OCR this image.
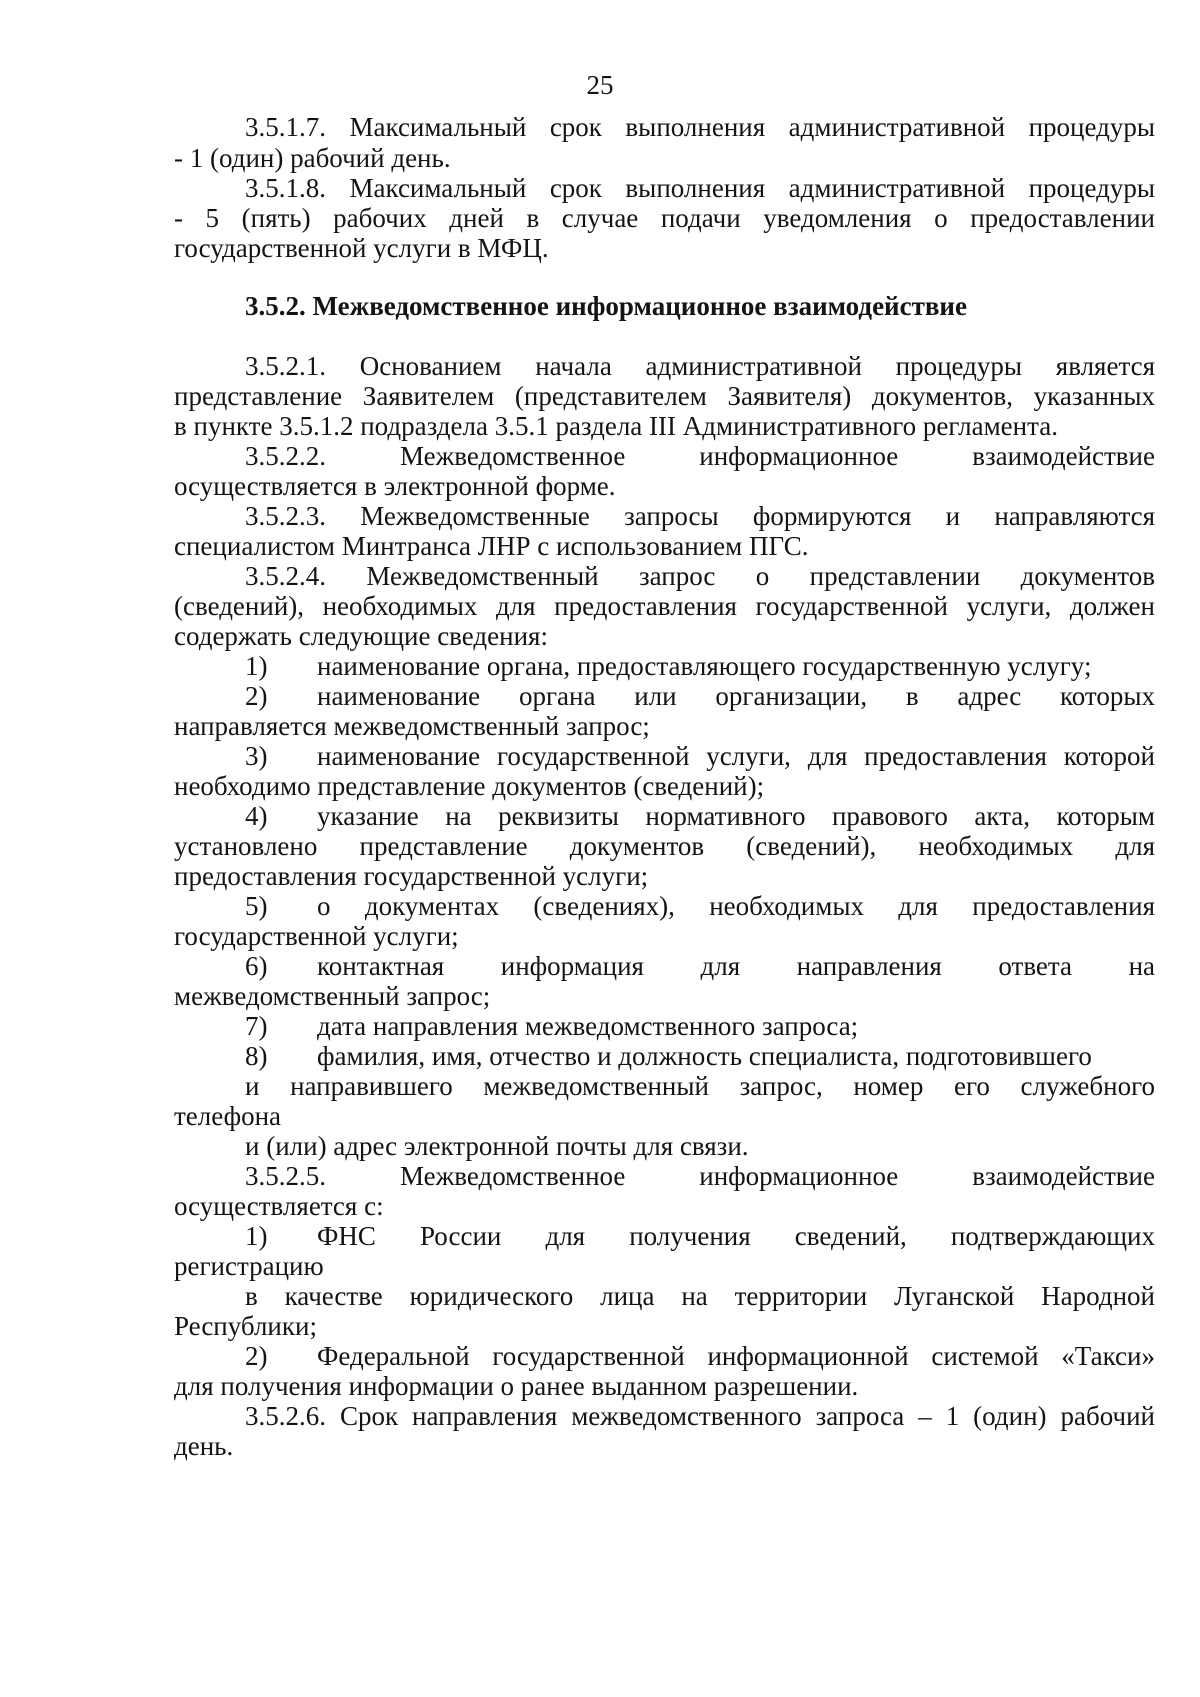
25
3.5.1.7. Максимальный срок выполнения административной процедуры
- 1 (один) рабочий день.
3.5.1.8. Максимальный срок выполнения административной процедуры
- 5 (пять) рабочих дней в случае подачи уведомления о предоставлении
государственной услуги в МФЦ.
3.5.2. Межведомственное информационное взаимодействие
3.5.2.1. Основанием начала административной процедуры является
представление Заявителем (представителем Заявителя) документов, указанных
в пункте 3.5.1.2 подраздела 3.5.1 раздела III Административного регламента.
3.5.2.2. Межведомственное информационное взаимодействие
осуществляется в электронной форме.
3.5.2.3. Межведомственные запросы формируются и направляются
специалистом Минтранса ЛНР с использованием ПГС.
3.5.2.4. Межведомственный запрос о представлении документов
(сведений), необходимых для предоставления государственной услуги, должен
содержать следующие сведения:
1) наименование органа, предоставляющего государственную услугу;
2) наименование органа или организации, в адрес которых
направляется межведомственный запрос;
3) наименование государственной услуги, для предоставления которой
необходимо представление документов (сведений);
4) указание на реквизиты нормативного правового акта, которым
установлено представление документов (сведений), необходимых для
предоставления государственной услуги;
5) о документах (сведениях), необходимых для предоставления
государственной услуги;
6) контактная информация для направления ответа на
межведомственный запрос;
7) дата направления межведомственного запроса;
8) фамилия, имя, отчество и должность специалиста, подготовившего
и направившего межведомственный запрос, номер его служебного
телефона
и (или) адрес электронной почты для связи.
3.5.2.5. Межведомственное информационное взаимодействие
осуществляется с:
1) ФНС России для получения сведений, подтверждающих
регистрацию
в качестве юридического лица на территории Луганской Народной
Республики;
2) Федеральной государственной информационной системой «Такси»
для получения информации о ранее выданном разрешении.
3.5.2.6. Срок направления межведомственного запроса – 1 (один) рабочий
день.
